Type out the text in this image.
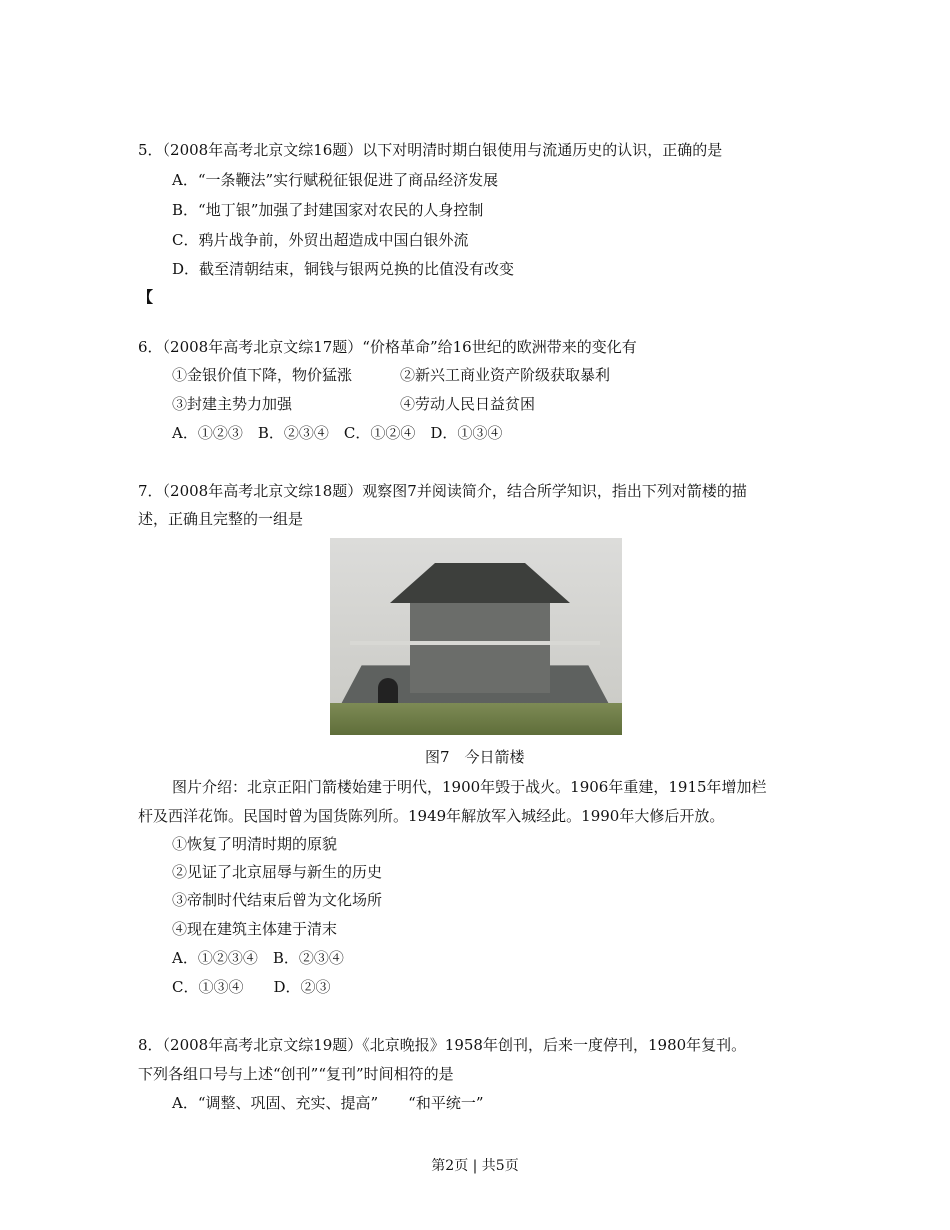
5．（2008年高考北京文综16题）以下对明清时期白银使用与流通历史的认识，正确的是
A．“一条鞭法”实行赋税征银促进了商品经济发展
B．“地丁银”加强了封建国家对农民的人身控制
C．鸦片战争前，外贸出超造成中国白银外流
D．截至清朝结束，铜钱与银两兑换的比值没有改变
【
6．（2008年高考北京文综17题）“价格革命”给16世纪的欧洲带来的变化有
①金银价值下降，物价猛涨	②新兴工商业资产阶级获取暴利
③封建主势力加强	④劳动人民日益贫困
A．①②③　B．②③④　C．①②④　D．①③④
7．（2008年高考北京文综18题）观察图7并阅读简介，结合所学知识，指出下列对箭楼的描
述，正确且完整的一组是
图7　今日箭楼
图片介绍：北京正阳门箭楼始建于明代，1900年毁于战火。1906年重建，1915年增加栏
杆及西洋花饰。民国时曾为国货陈列所。1949年解放军入城经此。1990年大修后开放。
①恢复了明清时期的原貌
②见证了北京屈辱与新生的历史
③帝制时代结束后曾为文化场所
④现在建筑主体建于清末
A．①②③④　B．②③④
C．①③④　　D．②③
8．（2008年高考北京文综19题）《北京晚报》1958年创刊，后来一度停刊，1980年复刊。
下列各组口号与上述“创刊”“复刊”时间相符的是
A．“调整、巩固、充实、提高”　　“和平统一”
第2页 | 共5页
